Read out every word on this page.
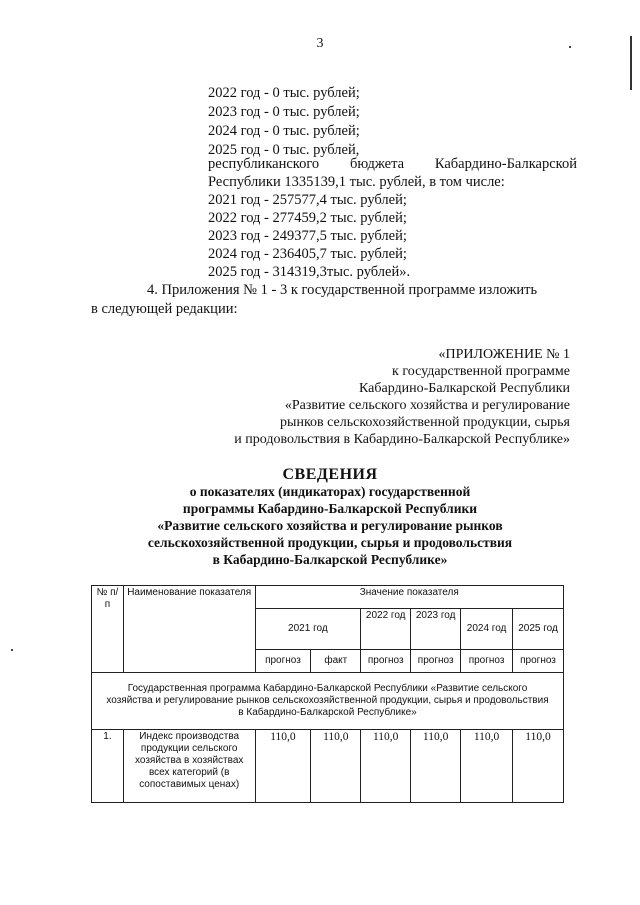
3
2022 год - 0 тыс. рублей;
2023 год - 0 тыс. рублей;
2024 год - 0 тыс. рублей;
2025 год - 0 тыс. рублей,
республиканского бюджета Кабардино-Балкарской
Республики 1335139,1 тыс. рублей, в том числе:
2021 год - 257577,4 тыс. рублей;
2022 год - 277459,2 тыс. рублей;
2023 год - 249377,5 тыс. рублей;
2024 год - 236405,7 тыс. рублей;
2025 год - 314319,3тыс. рублей».
4. Приложения № 1 - 3 к государственной программе изложить
в следующей редакции:
«ПРИЛОЖЕНИЕ № 1
к государственной программе
Кабардино-Балкарской Республики
«Развитие сельского хозяйства и регулирование
рынков сельскохозяйственной продукции, сырья
и продовольствия в Кабардино-Балкарской Республике»
СВЕДЕНИЯ
о показателях (индикаторах) государственной
программы Кабардино-Балкарской Республики
«Развитие сельского хозяйства и регулирование рынков
сельскохозяйственной продукции, сырья и продовольствия
в Кабардино-Балкарской Республике»
№ п/п	Наименование показателя	Значение показателя					
		2021 год		2022 год	2023 год	2024 год	2025 год
		прогноз	факт	прогноз	прогноз	прогноз	прогноз
Государственная программа Кабардино-Балкарской Республики «Развитие сельского хозяйства и регулирование рынков сельскохозяйственной продукции, сырья и продовольствия в Кабардино-Балкарской Республике»							
1.	Индекс производства продукции сельского хозяйства в хозяйствах всех категорий (в сопоставимых ценах)	110,0	110,0	110,0	110,0	110,0	110,0
